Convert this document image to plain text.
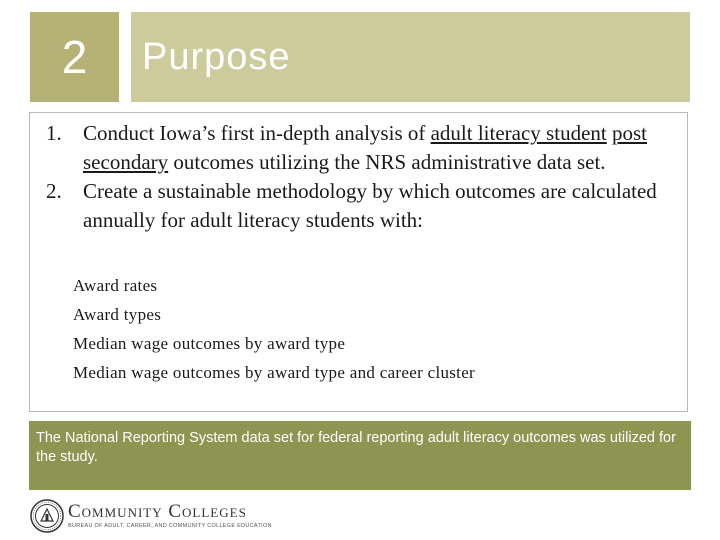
2 Purpose
1. Conduct Iowa’s first in-depth analysis of adult literacy student post secondary outcomes utilizing the NRS administrative data set.
2. Create a sustainable methodology by which outcomes are calculated annually for adult literacy students with:
Award rates
Award types
Median wage outcomes by award type
Median wage outcomes by award type and career cluster
The National Reporting System data set for federal reporting adult literacy outcomes was utilized for the study.
Community Colleges
BUREAU OF ADULT, CAREER, AND COMMUNITY COLLEGE EDUCATION
